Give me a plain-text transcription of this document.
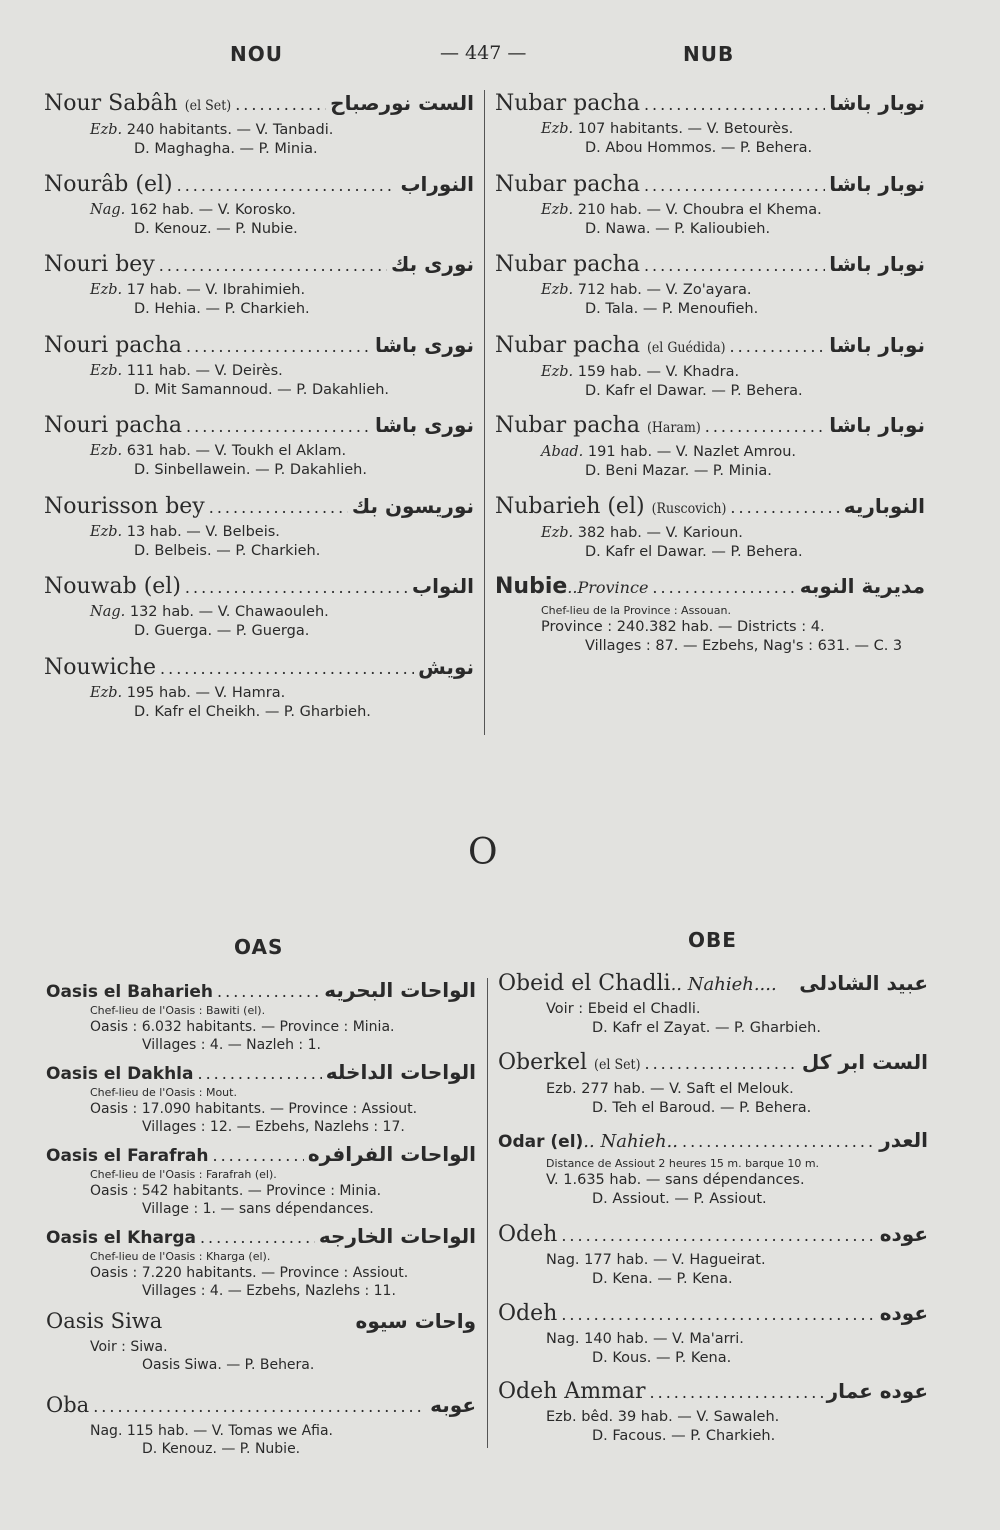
NOU	— 447 —	NUB
Nour Sabâh
(el Set) .....	الست نورصباح
Ezb. 240 habitants. — V. Tanbadi.
D. Maghagha. — P. Minia.
Nourâb (el) .....	النوراب
Nag. 162 hab. — V. Korosko.
D. Kenouz. — P. Nubie.
Nouri bey .....	نوری بك
Ezb. 17 hab. — V. Ibrahimieh.
D. Hehia. — P. Charkieh.
Nouri pacha .....	نوری باشا
Ezb. 111 hab. — V. Deirès.
D. Mit Samannoud. — P. Dakahlieh.
Nouri pacha .....	نوری باشا
Ezb. 631 hab. — V. Toukh el Aklam.
D. Sinbellawein. — P. Dakahlieh.
Nourisson bey .....	نوريسون بك
Ezb. 13 hab. — V. Belbeis.
D. Belbeis. — P. Charkieh.
Nouwab (el) .....	النواب
Nag. 132 hab. — V. Chawaouleh.
D. Guerga. — P. Guerga.
Nouwiche .....	نويش
Ezb. 195 hab. — V. Hamra.
D. Kafr el Cheikh. — P. Gharbieh.
Nubar pacha .....	نوبار باشا
Ezb. 107 habitants. — V. Betourès.
D. Abou Hommos. — P. Behera.
Nubar pacha .....	نوبار باشا
Ezb. 210 hab. — V. Choubra el Khema.
D. Nawa. — P. Kalioubieh.
Nubar pacha .....	نوبار باشا
Ezb. 712 hab. — V. Zo'ayara.
D. Tala. — P. Menoufieh.
Nubar pacha
(el Guédida) .....	نوبار باشا
Ezb. 159 hab. — V. Khadra.
D. Kafr el Dawar. — P. Behera.
Nubar pacha
(Haram) .....	نوبار باشا
Abad. 191 hab. — V. Nazlet Amrou.
D. Beni Mazar. — P. Minia.
Nubarieh (el)
(Ruscovich) .....	النوباريه
Ezb. 382 hab. — V. Karioun.
D. Kafr el Dawar. — P. Behera.
Nubie ..Province .....	مديرية النوبه
Chef-lieu de la Province : Assouan.
Province : 240.382 hab. — Districts : 4.
Villages : 87. — Ezbehs, Nag's : 631. — C. 3
O
OAS	OBE
Oasis el Baharieh .....	الواحات البحريه
Chef-lieu de l'Oasis : Bawiti (el).
Oasis : 6.032 habitants. — Province : Minia.
Villages : 4. — Nazleh : 1.
Oasis el Dakhla .....	الواحات الداخله
Chef-lieu de l'Oasis : Mout.
Oasis : 17.090 habitants. — Province : Assiout.
Villages : 12. — Ezbehs, Nazlehs : 17.
Oasis el Farafrah .....	الواحات الفرافره
Chef-lieu de l'Oasis : Farafrah (el).
Oasis : 542 habitants. — Province : Minia.
Village : 1. — sans dépendances.
Oasis el Kharga .....	الواحات الخارجه
Chef-lieu de l'Oasis : Kharga (el).
Oasis : 7.220 habitants. — Province : Assiout.
Villages : 4. — Ezbehs, Nazlehs : 11.
Oasis Siwa	واحات سيوه
Voir : Siwa.
Oasis Siwa. — P. Behera.
Oba .....	عوبه
Nag. 115 hab. — V. Tomas we Afia.
D. Kenouz. — P. Nubie.
Obeid el Chadli .. Nahieh.... عبيد الشادلی
Voir : Ebeid el Chadli.
D. Kafr el Zayat. — P. Gharbieh.
Oberkel
(el Set) .....	الست ابر كل
Ezb. 277 hab. — V. Saft el Melouk.
D. Teh el Baroud. — P. Behera.
Odar (el) .. Nahieh.. .....	العدر
Distance de Assiout 2 heures 15 m. barque 10 m.
V. 1.635 hab. — sans dépendances.
D. Assiout. — P. Assiout.
Odeh .....	عوده
Nag. 177 hab. — V. Hagueirat.
D. Kena. — P. Kena.
Odeh .....	عوده
Nag. 140 hab. — V. Ma'arri.
D. Kous. — P. Kena.
Odeh Ammar .....	عوده عمار
Ezb. bêd. 39 hab. — V. Sawaleh.
D. Facous. — P. Charkieh.
